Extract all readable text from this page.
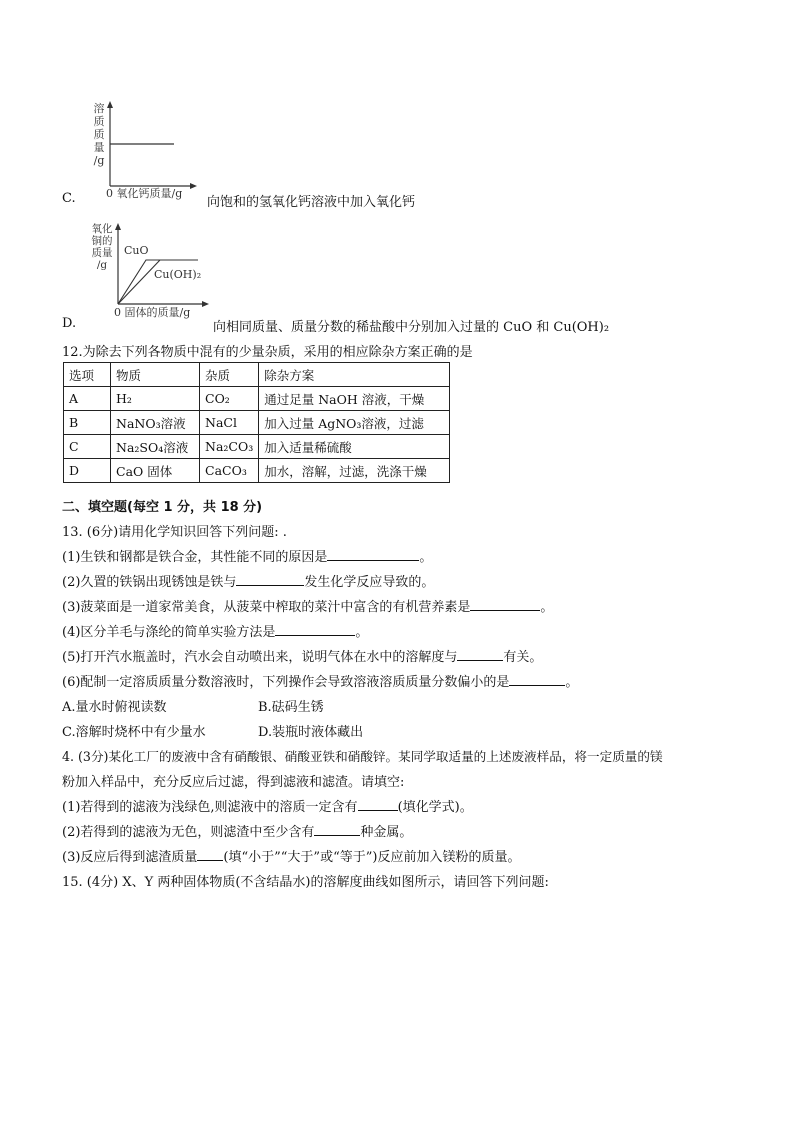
溶
质
质
量
/g
0 氧化钙质量/g
C.	向饱和的氢氧化钙溶液中加入氧化钙
氧化
铜的
质量
/g
CuO
Cu(OH)₂
0 固体的质量/g
D.	向相同质量、质量分数的稀盐酸中分别加入过量的 CuO 和 Cu(OH)₂
12.为除去下列各物质中混有的少量杂质，采用的相应除杂方案正确的是
选项	物质	杂质	除杂方案
A	H₂	CO₂	通过足量 NaOH 溶液，干燥
B	NaNO₃溶液	NaCl	加入过量 AgNO₃溶液，过滤
C	Na₂SO₄溶液	Na₂CO₃	加入适量稀硫酸
D	CaO 固体	CaCO₃	加水，溶解，过滤，洗涤干燥
二、填空题(每空 1 分，共 18 分)
13. (6分)请用化学知识回答下列问题: .
(1)生铁和钢都是铁合金，其性能不同的原因是	。
(2)久置的铁锅出现锈蚀是铁与	发生化学反应导致的。
(3)菠菜面是一道家常美食，从菠菜中榨取的菜汁中富含的有机营养素是	。
(4)区分羊毛与涤纶的简单实验方法是	。
(5)打开汽水瓶盖时，汽水会自动喷出来，说明气体在水中的溶解度与	有关。
(6)配制一定溶质质量分数溶液时，下列操作会导致溶液溶质质量分数偏小的是	。
A.量水时俯视读数	B.砝码生锈
C.溶解时烧杯中有少量水	D.装瓶时液体藏出
4. (3分)某化工厂的废液中含有硝酸银、硝酸亚铁和硝酸锌。某同学取适量的上述废液样品，将一定质量的镁
粉加入样品中，充分反应后过滤，得到滤液和滤渣。请填空:
(1)若得到的滤液为浅绿色,则滤液中的溶质一定含有	(填化学式)。
(2)若得到的滤液为无色，则滤渣中至少含有	种金属。
(3)反应后得到滤渣质量 (填“小于”“大于”或“等于”)反应前加入镁粉的质量。
15. (4分) X、Y 两种固体物质(不含结晶水)的溶解度曲线如图所示，请回答下列问题:
